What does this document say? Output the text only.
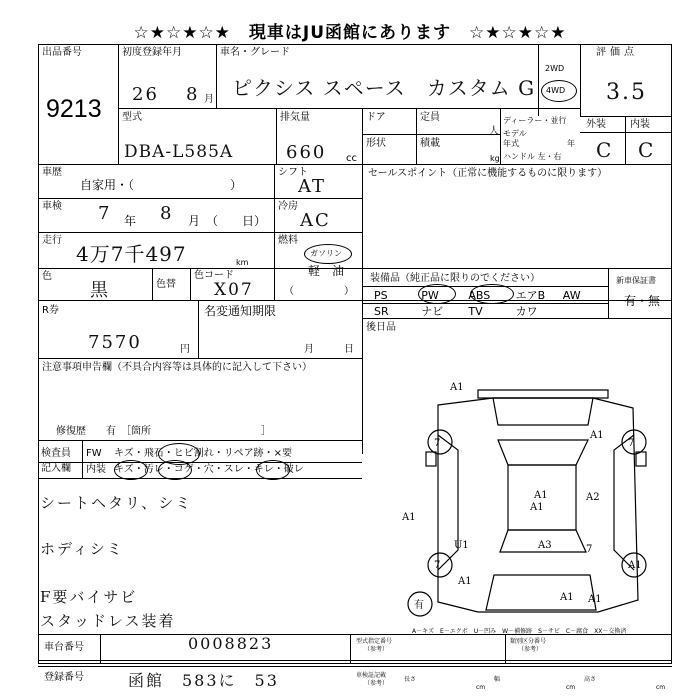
☆★☆★☆★　現車はJU函館にあります　☆★☆★☆★
出品番号
9213
初度登録年月
26 8 月
車名・グレード
ピクシス スペース　カスタム G
2WD
4WD
評価点
3.5
外装 内装
C C
型式
DBA-L585A
排気量
660 cc
ドア
形状
定員
人
積載
kg
ディーラー・並行
モデル
年式	年
ハンドル 左・右
車歴
自家用・（　　　　　　　　）
シフト
AT
セールスポイント（正常に機能するものに限ります）
車検 7 年 8 月 （　　日）
冷房
AC
走行
4万7千497	km
燃料
ガソリン
軽　油
（　　　　　）
色
黒	色替
色コード
X07
装備品（純正品に限りのでください）
PS	PW	ABS エアB AW
SR	ナビ TV	カワ
新車保証書
有・無
R券
7570	円
名変通知期限
月	日
後日品
注意事項申告欄（不具合内容等は具体的に記入して下さい）
修復歴　　有　［箇所　　　　　　　　　　　］
検査員
記入欄
FW キズ・飛石・ヒビ割れ・リペア跡・×要
内装 キズ・汚レ・コゲ・穴・スレ・キレ・破レ
シートヘタリ、シミ
ホディシミ
F要バイサビ
スタッドレス装着
A1
7
A1
7
A1
A1
A2
A1
A3	7
7	A1
U1
A1
A1 A1
有
A－キズ　E－エクボ　U－凹み　W－補修跡　S－サビ　C－腐食　XX－交換済
車台番号	0008823
登録番号	函館　583に　53
型式指定番号
（参考）
類別区分番号
（参考）
車検証記載
（参考）
長さ
cm
幅
cm
高さ
cm
